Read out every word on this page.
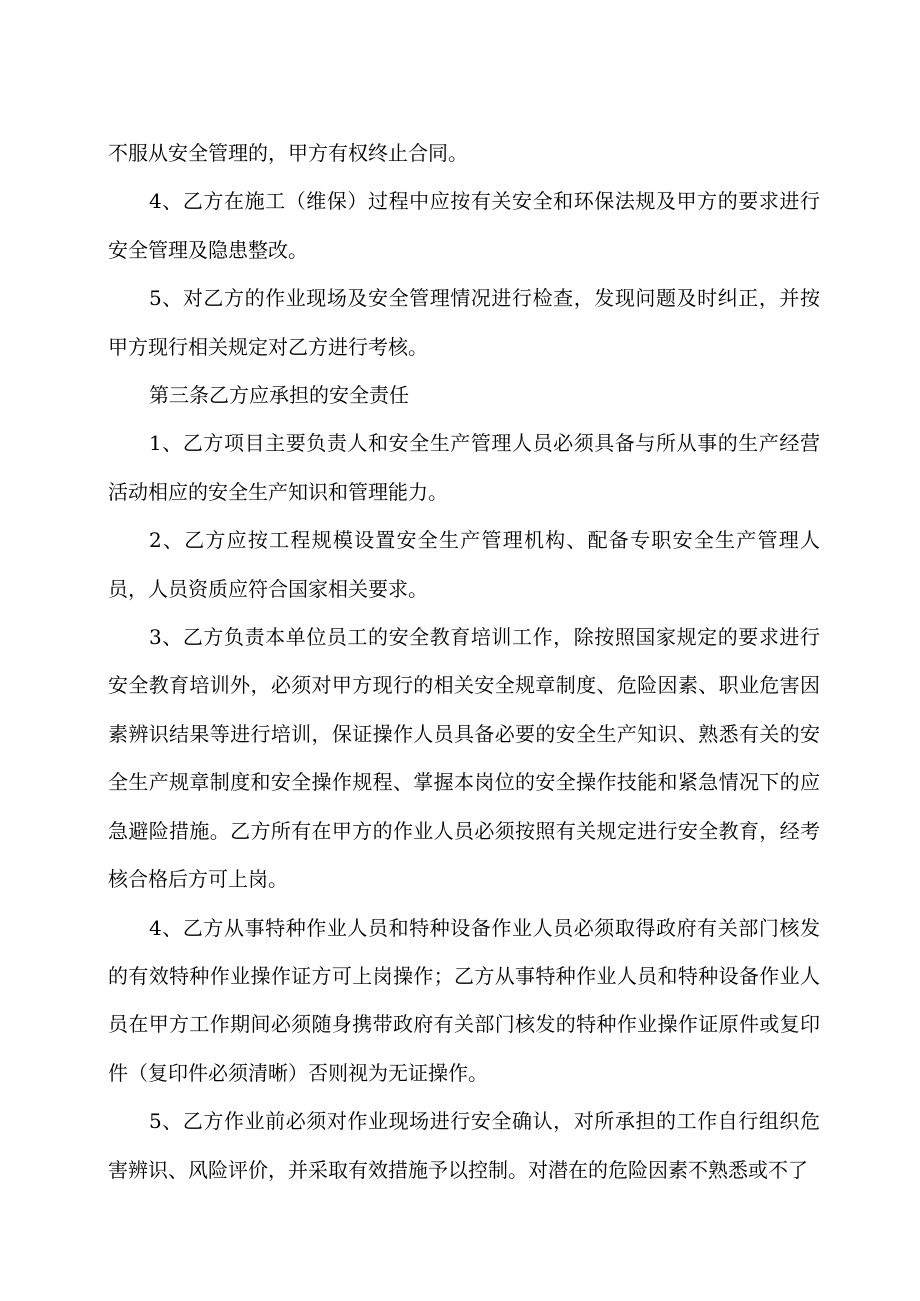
不服从安全管理的，甲方有权终止合同。

4、乙方在施工（维保）过程中应按有关安全和环保法规及甲方的要求进行安全管理及隐患整改。

5、对乙方的作业现场及安全管理情况进行检查，发现问题及时纠正，并按甲方现行相关规定对乙方进行考核。

第三条乙方应承担的安全责任

1、乙方项目主要负责人和安全生产管理人员必须具备与所从事的生产经营活动相应的安全生产知识和管理能力。

2、乙方应按工程规模设置安全生产管理机构、配备专职安全生产管理人员，人员资质应符合国家相关要求。

3、乙方负责本单位员工的安全教育培训工作，除按照国家规定的要求进行安全教育培训外，必须对甲方现行的相关安全规章制度、危险因素、职业危害因素辨识结果等进行培训，保证操作人员具备必要的安全生产知识、熟悉有关的安全生产规章制度和安全操作规程、掌握本岗位的安全操作技能和紧急情况下的应急避险措施。乙方所有在甲方的作业人员必须按照有关规定进行安全教育，经考核合格后方可上岗。

4、乙方从事特种作业人员和特种设备作业人员必须取得政府有关部门核发的有效特种作业操作证方可上岗操作；乙方从事特种作业人员和特种设备作业人员在甲方工作期间必须随身携带政府有关部门核发的特种作业操作证原件或复印件（复印件必须清晰）否则视为无证操作。

5、乙方作业前必须对作业现场进行安全确认，对所承担的工作自行组织危害辨识、风险评价，并采取有效措施予以控制。对潜在的危险因素不熟悉或不了
